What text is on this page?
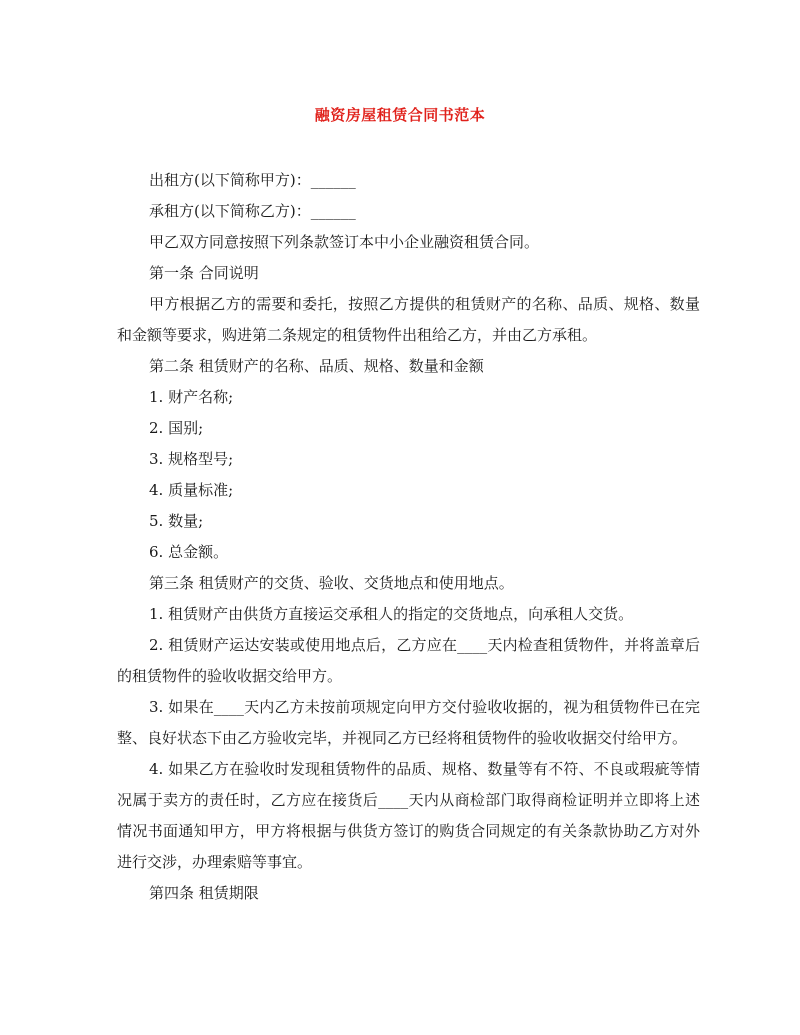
融资房屋租赁合同书范本

出租方(以下简称甲方)：______

承租方(以下简称乙方)：______

甲乙双方同意按照下列条款签订本中小企业融资租赁合同。

第一条 合同说明

甲方根据乙方的需要和委托，按照乙方提供的租赁财产的名称、品质、规格、数量和金额等要求，购进第二条规定的租赁物件出租给乙方，并由乙方承租。

第二条 租赁财产的名称、品质、规格、数量和金额

1. 财产名称;

2. 国别;

3. 规格型号;

4. 质量标准;

5. 数量;

6. 总金额。

第三条 租赁财产的交货、验收、交货地点和使用地点。

1. 租赁财产由供货方直接运交承租人的指定的交货地点，向承租人交货。

2. 租赁财产运达安装或使用地点后，乙方应在____天内检查租赁物件，并将盖章后的租赁物件的验收收据交给甲方。

3. 如果在____天内乙方未按前项规定向甲方交付验收收据的，视为租赁物件已在完整、良好状态下由乙方验收完毕，并视同乙方已经将租赁物件的验收收据交付给甲方。

4. 如果乙方在验收时发现租赁物件的品质、规格、数量等有不符、不良或瑕疵等情况属于卖方的责任时，乙方应在接货后____天内从商检部门取得商检证明并立即将上述情况书面通知甲方，甲方将根据与供货方签订的购货合同规定的有关条款协助乙方对外进行交涉，办理索赔等事宜。

第四条 租赁期限
